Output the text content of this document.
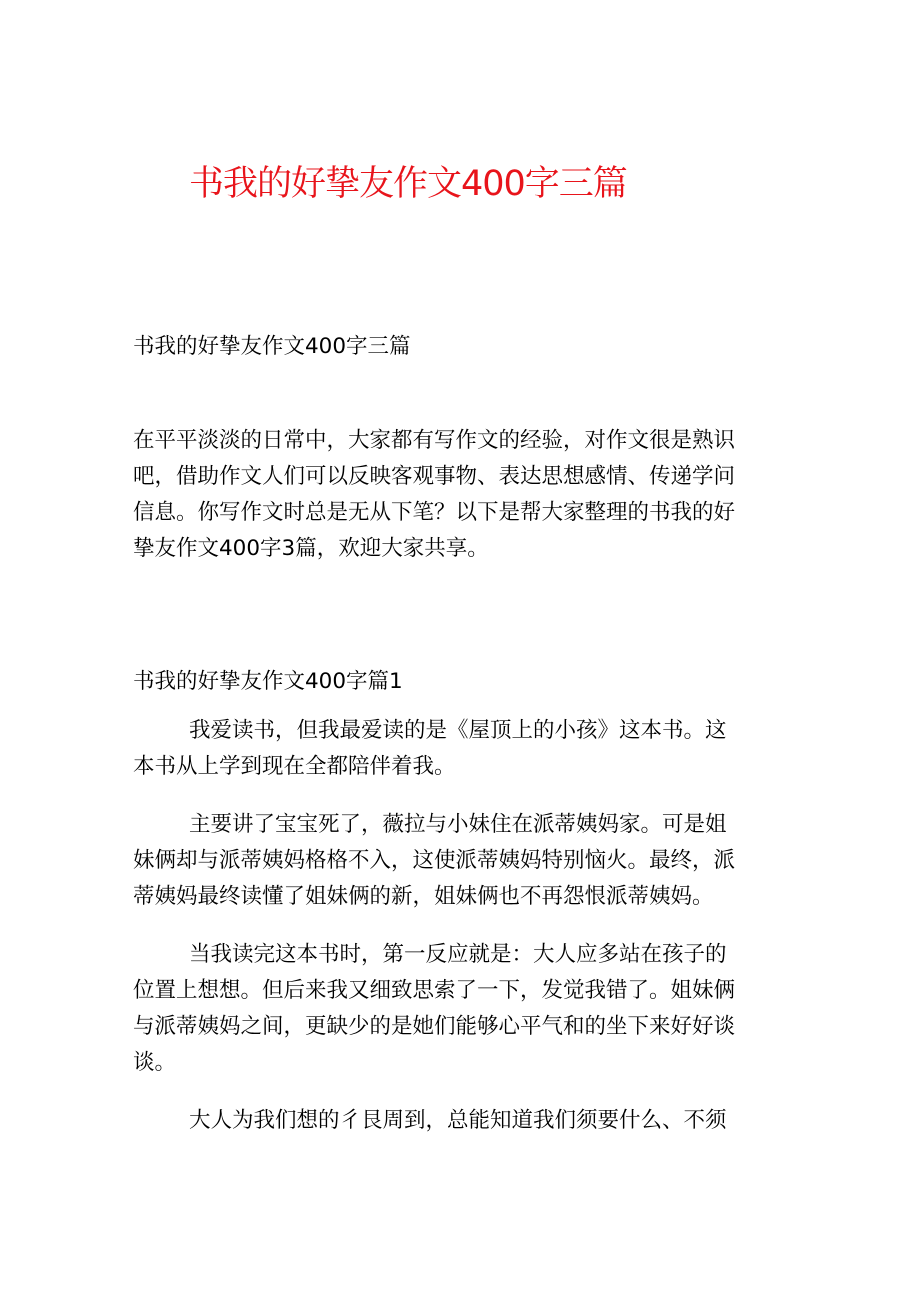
书我的好挚友作文400字三篇
书我的好挚友作文400字三篇
在平平淡淡的日常中，大家都有写作文的经验，对作文很是熟识
吧，借助作文人们可以反映客观事物、表达思想感情、传递学问
信息。你写作文时总是无从下笔？以下是帮大家整理的书我的好
挚友作文400字3篇，欢迎大家共享。
书我的好挚友作文400字篇1
我爱读书，但我最爱读的是《屋顶上的小孩》这本书。这
本书从上学到现在全都陪伴着我。
主要讲了宝宝死了，薇拉与小妹住在派蒂姨妈家。可是姐
妹俩却与派蒂姨妈格格不入，这使派蒂姨妈特别恼火。最终，派
蒂姨妈最终读懂了姐妹俩的新，姐妹俩也不再怨恨派蒂姨妈。
当我读完这本书时，第一反应就是：大人应多站在孩子的
位置上想想。但后来我又细致思索了一下，发觉我错了。姐妹俩
与派蒂姨妈之间，更缺少的是她们能够心平气和的坐下来好好谈
谈。
大人为我们想的彳艮周到，总能知道我们须要什么、不须
